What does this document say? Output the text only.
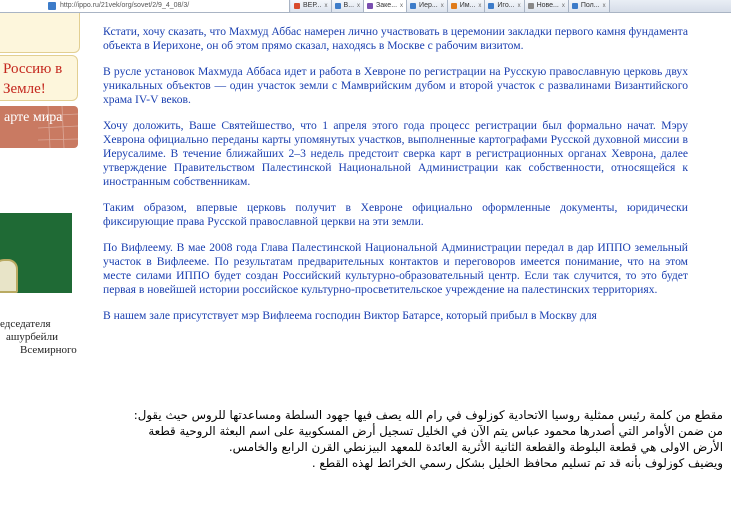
http://ippo.ru/21vek/org/sovet/2/9_4_08/3/	ВЕР... x	В... x	Заке... x	Иер... x	Им... x	Иго... x	Нове... x	Пол... x
Россию в
Земле!
арте мира
едседателя
ашурбейли
Всемирного

Кстати, хочу сказать, что Махмуд Аббас намерен лично участвовать в церемонии закладки первого камня фундамента объекта в Иерихоне, он об этом прямо сказал, находясь в Москве с рабочим визитом.

В русле установок Махмуда Аббаса идет и работа в Хевроне по регистрации на Русскую православную церковь двух уникальных объектов — один участок земли с Мамврийским дубом и второй участок с развалинами Византийского храма IV-V веков.

Хочу доложить, Ваше Святейшество, что 1 апреля этого года процесс регистрации был формально начат. Мэру Хеврона официально переданы карты упомянутых участков, выполненные картографами Русской духовной миссии в Иерусалиме. В течение ближайших 2–3 недель предстоит сверка карт в регистрационных органах Хеврона, далее утверждение Правительством Палестинской Национальной Администрации как собственности, относящейся к иностранным собственникам.

Таким образом, впервые церковь получит в Хевроне официально оформленные документы, юридически фиксирующие права Русской православной церкви на эти земли.

По Вифлеему. В мае 2008 года Глава Палестинской Национальной Администрации передал в дар ИППО земельный участок в Вифлееме. По результатам предварительных контактов и переговоров имеется понимание, что на этом месте силами ИППО будет создан Российский культурно-образовательный центр. Если так случится, то это будет первая в новейшей истории российское культурно-просветительское учреждение на палестинских территориях.

В нашем зале присутствует мэр Вифлеема господин Виктор Батарсе, который прибыл в Москву для

مقطع من كلمة رئيس ممثلية روسيا الاتحادية كوزلوف في رام الله يصف فيها جهود السلطة ومساعدتها للروس حيث يقول:

من ضمن الأوامر التي أصدرها محمود عباس يتم الآن في الخليل تسجيل أرض المسكوبية على اسم البعثة الروحية قطعة

الأرض الاولى هي قطعة البلوطة والقطعة الثانية الأثرية العائدة للمعهد البيزنطي القرن الرابع والخامس.

ويضيف كوزلوف بأنه قد تم تسليم محافظ الخليل بشكل رسمي الخرائط لهذه القطع .
